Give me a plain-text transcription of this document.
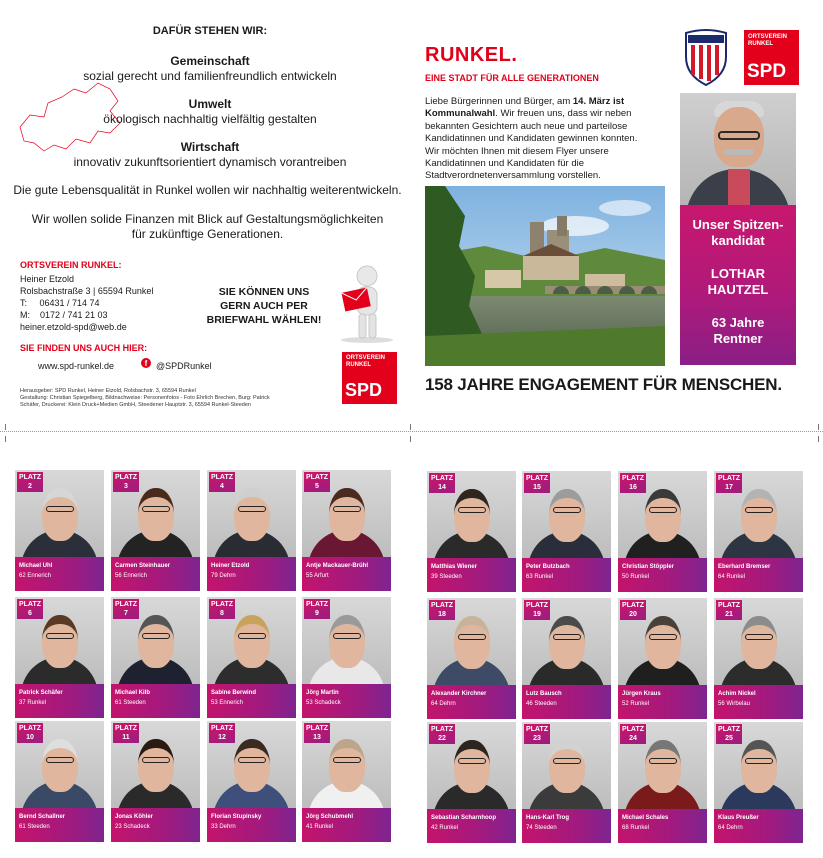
DAFÜR STEHEN WIR:
Gemeinschaft
sozial gerecht und familienfreundlich entwickeln
Umwelt
ökologisch nachhaltig vielfältig gestalten
Wirtschaft
innovativ zukunftsorientiert dynamisch vorantreiben
Die gute Lebensqualität in Runkel wollen wir nachhaltig weiterentwickeln.
Wir wollen solide Finanzen mit Blick auf Gestaltungsmöglichkeiten
für zukünftige Generationen.
ORTSVEREIN RUNKEL:
Heiner Etzold
Rolsbachstraße 3 | 65594 Runkel
T:     06431 / 714 74
M:    0172 / 741 21 03
heiner.etzold-spd@web.de
SIE KÖNNEN UNS
GERN AUCH PER
BRIEFWAHL WÄHLEN!
SIE FINDEN UNS AUCH HIER:
www.spd-runkel.de	f @SPDRunkel
ORTSVEREIN
RUNKEL
SPD
Herausgeber: SPD Runkel, Heiner Etzold, Rolsbachstr. 3, 65594 Runkel
Gestaltung: Christian Spiegelberg, Bildnachweise: Personenfotos - Foto Ehrlich Brechen, Burg: Patrick
Schäfer, Druckerei: Klein Druck+Medien GmbH, Steedener Hauptstr. 3, 65594 Runkel-Steeden
RUNKEL.
EINE STADT FÜR ALLE GENERATIONEN
Liebe Bürgerinnen und Bürger, am 14. März ist Kommunalwahl. Wir freuen uns, dass wir neben bekannten Gesichtern auch neue und parteilose Kandidatinnen und Kandidaten gewinnen konnten. Wir möchten Ihnen mit diesem Flyer unsere Kandidatinnen und Kandidaten für die Stadtverordnetenversammlung vorstellen.
ORTSVEREIN
RUNKEL
SPD
Unser Spitzen-
kandidat
LOTHAR
HAUTZEL
63 Jahre
Rentner
158 JAHRE ENGAGEMENT FÜR MENSCHEN.
PLATZ
2
Michael Uhl
62 Ennerich
PLATZ
3
Carmen Steinhauer
56 Ennerich
PLATZ
4
Heiner Etzold
79 Dehrn
PLATZ
5
Antje Mackauer-Brühl
55 Arfurt
PLATZ
6
Patrick Schäfer
37 Runkel
PLATZ
7
Michael Kilb
61 Steeden
PLATZ
8
Sabine Berwind
53 Ennerich
PLATZ
9
Jörg Martin
53 Schadeck
PLATZ
10
Bernd Schallner
61 Steeden
PLATZ
11
Jonas Köhler
23 Schadeck
PLATZ
12
Florian Stupinsky
33 Dehrn
PLATZ
13
Jörg Schubmehl
41 Runkel
PLATZ
14
Matthias Wiener
39 Steeden
PLATZ
15
Peter Butzbach
63 Runkel
PLATZ
16
Christian Stöppler
50 Runkel
PLATZ
17
Eberhard Bremser
64 Runkel
PLATZ
18
Alexander Kirchner
64 Dehrn
PLATZ
19
Lutz Bausch
46 Steeden
PLATZ
20
Jürgen Kraus
52 Runkel
PLATZ
21
Achim Nickel
56 Wirbelau
PLATZ
22
Sebastian Scharnhoop
42 Runkel
PLATZ
23
Hans-Karl Trog
74 Steeden
PLATZ
24
Michael Schales
68 Runkel
PLATZ
25
Klaus Preußer
64 Dehrn
